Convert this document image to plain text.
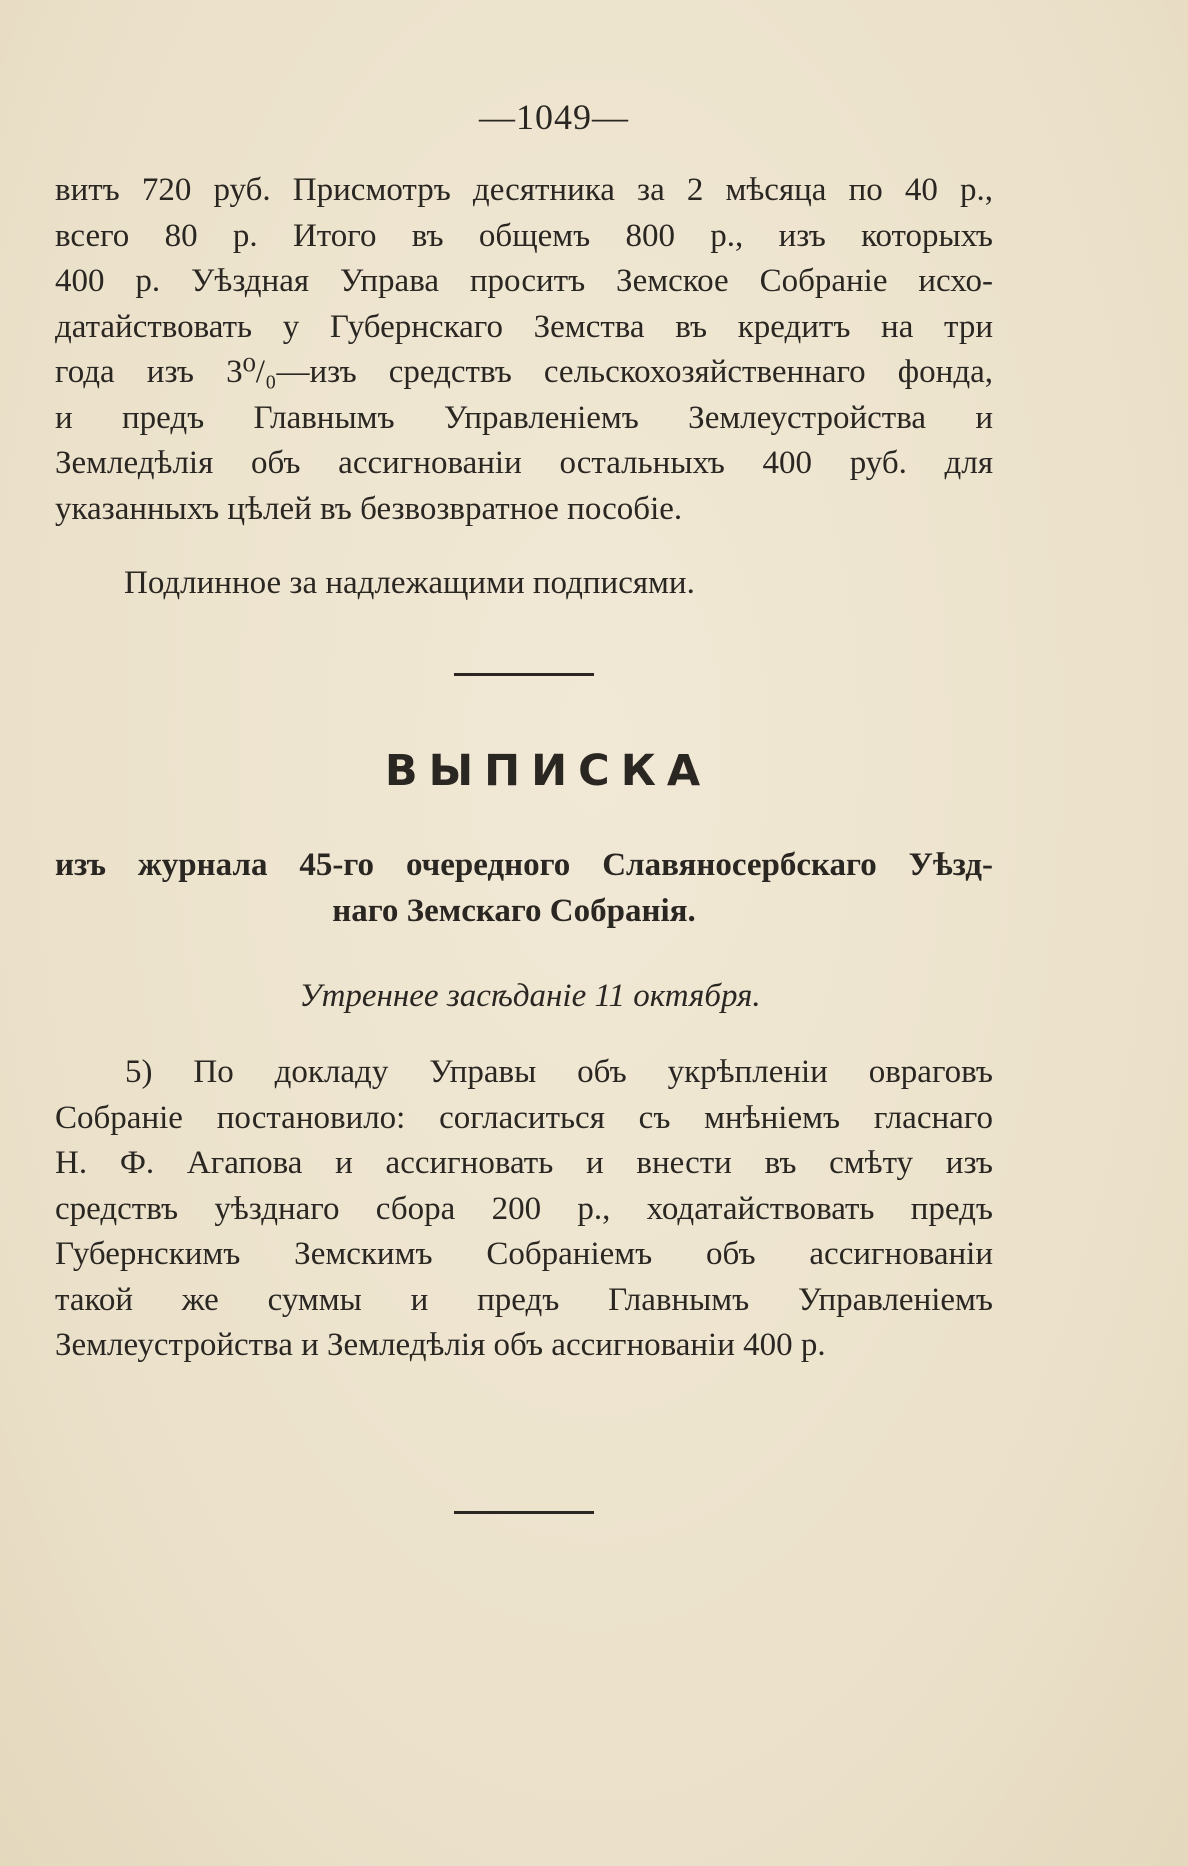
—1049—
витъ 720 руб. Присмотръ десятника за 2 мѣсяца по 40 р.,
всего 80 р. Итого въ общемъ 800 р., изъ которыхъ
400 р. Уѣздная Управа проситъ Земское Собраніе исхо-
датайствовать у Губернскаго Земства въ кредитъ на три
года изъ 3⁰/₀—изъ средствъ сельскохозяйственнаго фонда,
и предъ Главнымъ Управленіемъ Землеустройства и
Земледѣлія объ ассигнованіи остальныхъ 400 руб. для
указанныхъ цѣлей въ безвозвратное пособіе.
Подлинное за надлежащими подписями.
ВЫПИСКА
изъ журнала 45-го очередного Славяносербскаго Уѣзд-
наго Земскаго Собранія.
Утреннее засѣданіе 11 октября.
5) По докладу Управы объ укрѣпленіи овраговъ
Собраніе постановило: согласиться съ мнѣніемъ гласнаго
Н. Ф. Агапова и ассигновать и внести въ смѣту изъ
средствъ уѣзднаго сбора 200 р., ходатайствовать предъ
Губернскимъ Земскимъ Собраніемъ объ ассигнованіи
такой же суммы и предъ Главнымъ Управленіемъ
Землеустройства и Земледѣлія объ ассигнованіи 400 р.
